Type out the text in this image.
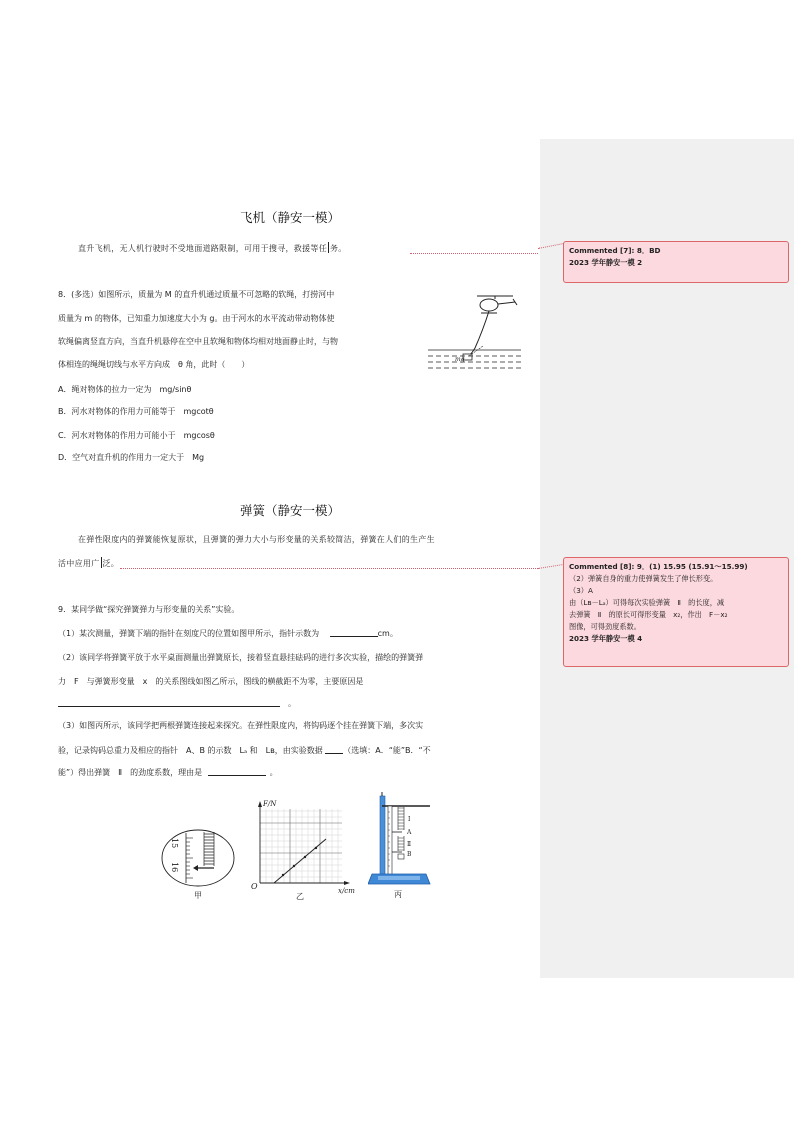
飞机（静安一模）
直升飞机，无人机行驶时不受地面道路限制，可用于搜寻，救援等任 务。
8．(多选）如图所示，质量为 M 的直升机通过质量不可忽略的软绳，打捞河中
质量为 m 的物体，已知重力加速度大小为 g。由于河水的水平流动带动物体使
软绳偏离竖直方向，当直升机悬停在空中且软绳和物体均相对地面静止时，与物
体相连的绳绳切线与水平方向成　θ 角，此时（　　）
A．绳对物体的拉力一定为　mg/sinθ
B．河水对物体的作用力可能等于　mgcotθ
C．河水对物体的作用力可能小于　mgcosθ
D．空气对直升机的作用力一定大于　Mg
mg
弹簧（静安一模）
在弹性限度内的弹簧能恢复原状，且弹簧的弹力大小与形变量的关系较简洁，弹簧在人们的生产生
活中应用广 泛。
9．某同学做“探究弹簧弹力与形变量的关系”实验。
（1）某次测量，弹簧下端的指针在刻度尺的位置如图甲所示，指针示数为	cm。
（2）该同学将弹簧平放于水平桌面测量出弹簧原长，接着竖直悬挂砝码的进行多次实验，描绘的弹簧弹
力　F　与弹簧形变量　x　的关系图线如图乙所示，图线的横截距不为零，主要原因是
。
（3）如图丙所示，该同学把两根弹簧连接起来探究。在弹性限度内，将钩码逐个挂在弹簧下端，多次实
验，记录钩码总重力及相应的指针　A、B 的示数　Lₐ 和　Lʙ，由实验数据	（选填：A．“能”B．“不
能”）得出弹簧　Ⅱ　的劲度系数，理由是	。
15
16
甲
F/N
x/cm
O
乙
Ⅰ
A
Ⅱ
B
丙
Commented [7]: 8．BD
2023 学年静安一模 2
Commented [8]: 9．(1) 15.95 (15.91～15.99)
（2）弹簧自身的重力使弹簧发生了伸长形变。
（3）A
由（Lʙ－Lₐ）可得每次实验弹簧　Ⅱ　的长度，减
去弹簧　Ⅱ　的原长可得形变量　x₂，作出　F－x₂
图像，可得劲度系数。
2023 学年静安一模 4
